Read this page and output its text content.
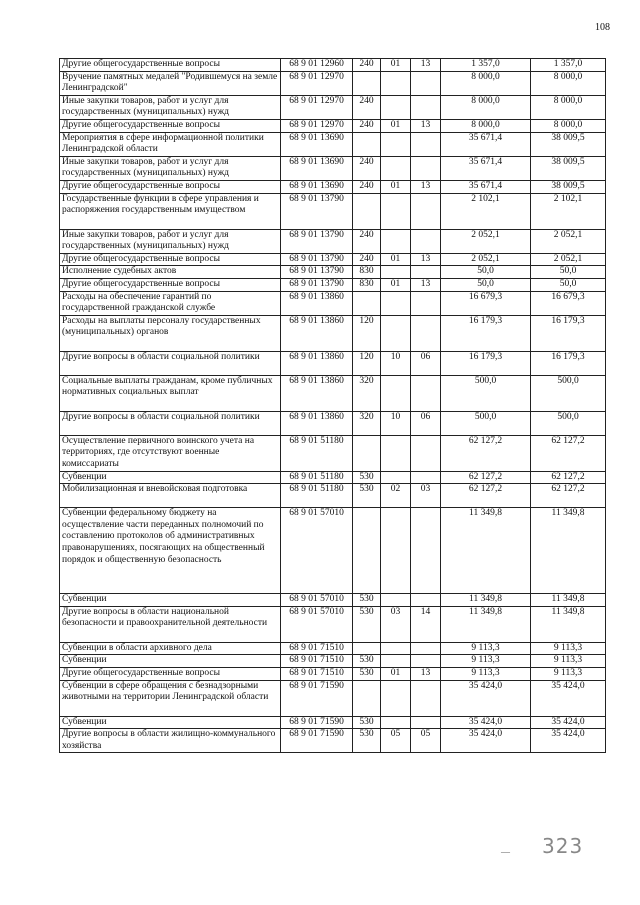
108
Другие общегосударственные вопросы	68 9 01 12960	240	01	13	1 357,0	1 357,0
Вручение памятных медалей "Родившемуся на земле Ленинградской"	68 9 01 12970				8 000,0	8 000,0
Иные закупки товаров, работ и услуг для государственных (муниципальных) нужд	68 9 01 12970	240			8 000,0	8 000,0
Другие общегосударственные вопросы	68 9 01 12970	240	01	13	8 000,0	8 000,0
Мероприятия в сфере информационной политики Ленинградской области	68 9 01 13690				35 671,4	38 009,5
Иные закупки товаров, работ и услуг для государственных (муниципальных) нужд	68 9 01 13690	240			35 671,4	38 009,5
Другие общегосударственные вопросы	68 9 01 13690	240	01	13	35 671,4	38 009,5
Государственные функции в сфере управления и распоряжения государственным имуществом	68 9 01 13790				2 102,1	2 102,1
Иные закупки товаров, работ и услуг для государственных (муниципальных) нужд	68 9 01 13790	240			2 052,1	2 052,1
Другие общегосударственные вопросы	68 9 01 13790	240	01	13	2 052,1	2 052,1
Исполнение судебных актов	68 9 01 13790	830			50,0	50,0
Другие общегосударственные вопросы	68 9 01 13790	830	01	13	50,0	50,0
Расходы на обеспечение гарантий по государственной гражданской службе	68 9 01 13860				16 679,3	16 679,3
Расходы на выплаты персоналу государственных (муниципальных) органов	68 9 01 13860	120			16 179,3	16 179,3
Другие вопросы в области социальной политики	68 9 01 13860	120	10	06	16 179,3	16 179,3
Социальные выплаты гражданам, кроме публичных нормативных социальных выплат	68 9 01 13860	320			500,0	500,0
Другие вопросы в области социальной политики	68 9 01 13860	320	10	06	500,0	500,0
Осуществление первичного воинского учета на территориях, где отсутствуют военные комиссариаты	68 9 01 51180				62 127,2	62 127,2
Субвенции	68 9 01 51180	530			62 127,2	62 127,2
Мобилизационная и вневойсковая подготовка	68 9 01 51180	530	02	03	62 127,2	62 127,2
Субвенции федеральному бюджету на осуществление части переданных полномочий по составлению протоколов об административных правонарушениях, посягающих на общественный порядок и общественную безопасность	68 9 01 57010				11 349,8	11 349,8
Субвенции	68 9 01 57010	530			11 349,8	11 349,8
Другие вопросы в области национальной безопасности и правоохранительной деятельности	68 9 01 57010	530	03	14	11 349,8	11 349,8
Субвенции в области архивного дела	68 9 01 71510				9 113,3	9 113,3
Субвенции	68 9 01 71510	530			9 113,3	9 113,3
Другие общегосударственные вопросы	68 9 01 71510	530	01	13	9 113,3	9 113,3
Субвенции в сфере обращения с безнадзорными животными на территории Ленинградской области	68 9 01 71590				35 424,0	35 424,0
Субвенции	68 9 01 71590	530			35 424,0	35 424,0
Другие вопросы в области жилищно-коммунального хозяйства	68 9 01 71590	530	05	05	35 424,0	35 424,0
— 323
